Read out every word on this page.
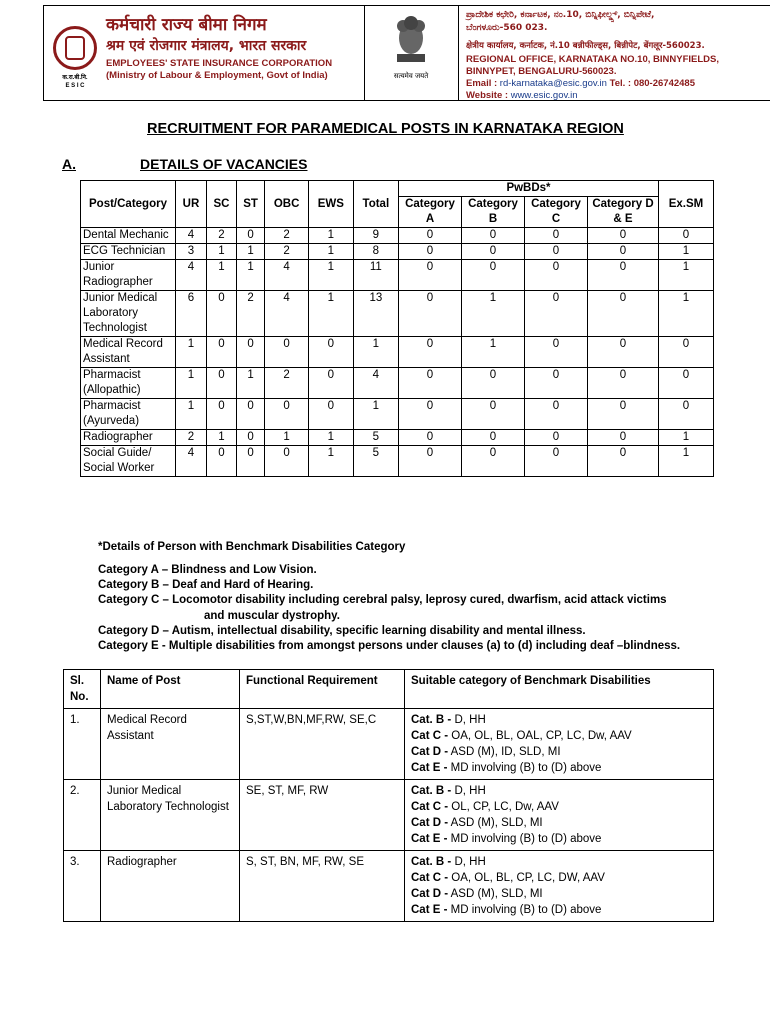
क.रा.बी.नि.
E S I C
कर्मचारी राज्य बीमा निगम
श्रम एवं रोजगार मंत्रालय, भारत सरकार
EMPLOYEES' STATE INSURANCE CORPORATION
(Ministry of Labour & Employment, Govt of India)	सत्यमेव जयते
ಪ್ರಾದೇಶಿಕ ಕಛೇರಿ, ಕರ್ನಾಟಕ, ನಂ.10, ಬಿನ್ನಿಫೀಲ್ಡ್ಸ್, ಬಿನ್ನಿಪೇಟೆ,
ಬೆಂಗಳೂರು-560 023.
क्षेत्रीय कार्यालय, कर्नाटक, नं.10 बन्नीफील्ड्स, बिन्नीपेट, बेंगलूर-560023.
REGIONAL OFFICE, KARNATAKA NO.10, BINNYFIELDS,
BINNYPET, BENGALURU-560023.
Email : rd-karnataka@esic.gov.in Tel. : 080-26742485
Website : www.esic.gov.in
RECRUITMENT FOR PARAMEDICAL POSTS IN KARNATAKA REGION
A.	DETAILS OF VACANCIES
Post/Category	UR	SC	ST	OBC	EWS	Total	PwBDs*				Ex.SM
							Category A	Category B	Category C	Category D & E	
Dental Mechanic	4	2	0	2	1	9	0	0	0	0	0
ECG Technician	3	1	1	2	1	8	0	0	0	0	1
Junior Radiographer	4	1	1	4	1	11	0	0	0	0	1
Junior Medical Laboratory Technologist	6	0	2	4	1	13	0	1	0	0	1
Medical Record Assistant	1	0	0	0	0	1	0	1	0	0	0
Pharmacist (Allopathic)	1	0	1	2	0	4	0	0	0	0	0
Pharmacist (Ayurveda)	1	0	0	0	0	1	0	0	0	0	0
Radiographer	2	1	0	1	1	5	0	0	0	0	1
Social Guide/ Social Worker	4	0	0	0	1	5	0	0	0	0	1
*Details of Person with Benchmark Disabilities Category
Category A – Blindness and Low Vision.
Category B – Deaf and Hard of Hearing.
Category C – Locomotor disability including cerebral palsy, leprosy cured, dwarfism, acid attack victims
and muscular dystrophy.
Category D – Autism, intellectual disability, specific learning disability and mental illness.
Category E - Multiple disabilities from amongst persons under clauses (a) to (d) including deaf –blindness.
Sl. No.	Name of Post	Functional Requirement	Suitable category of Benchmark Disabilities
1.	Medical Record Assistant	S,ST,W,BN,MF,RW, SE,C	Cat. B - D, HH
Cat C - OA, OL, BL, OAL, CP, LC, Dw, AAV
Cat D - ASD (M), ID, SLD, MI
Cat E - MD involving (B) to (D) above

2.	Junior Medical Laboratory Technologist	SE, ST, MF, RW	Cat. B - D, HH
Cat C - OL, CP, LC, Dw, AAV
Cat D - ASD (M), SLD, MI
Cat E - MD involving (B) to (D) above

3.	Radiographer	S, ST, BN, MF, RW, SE	Cat. B - D, HH
Cat C - OA, OL, BL, CP, LC, DW, AAV
Cat D - ASD (M), SLD, MI
Cat E - MD involving (B) to (D) above
